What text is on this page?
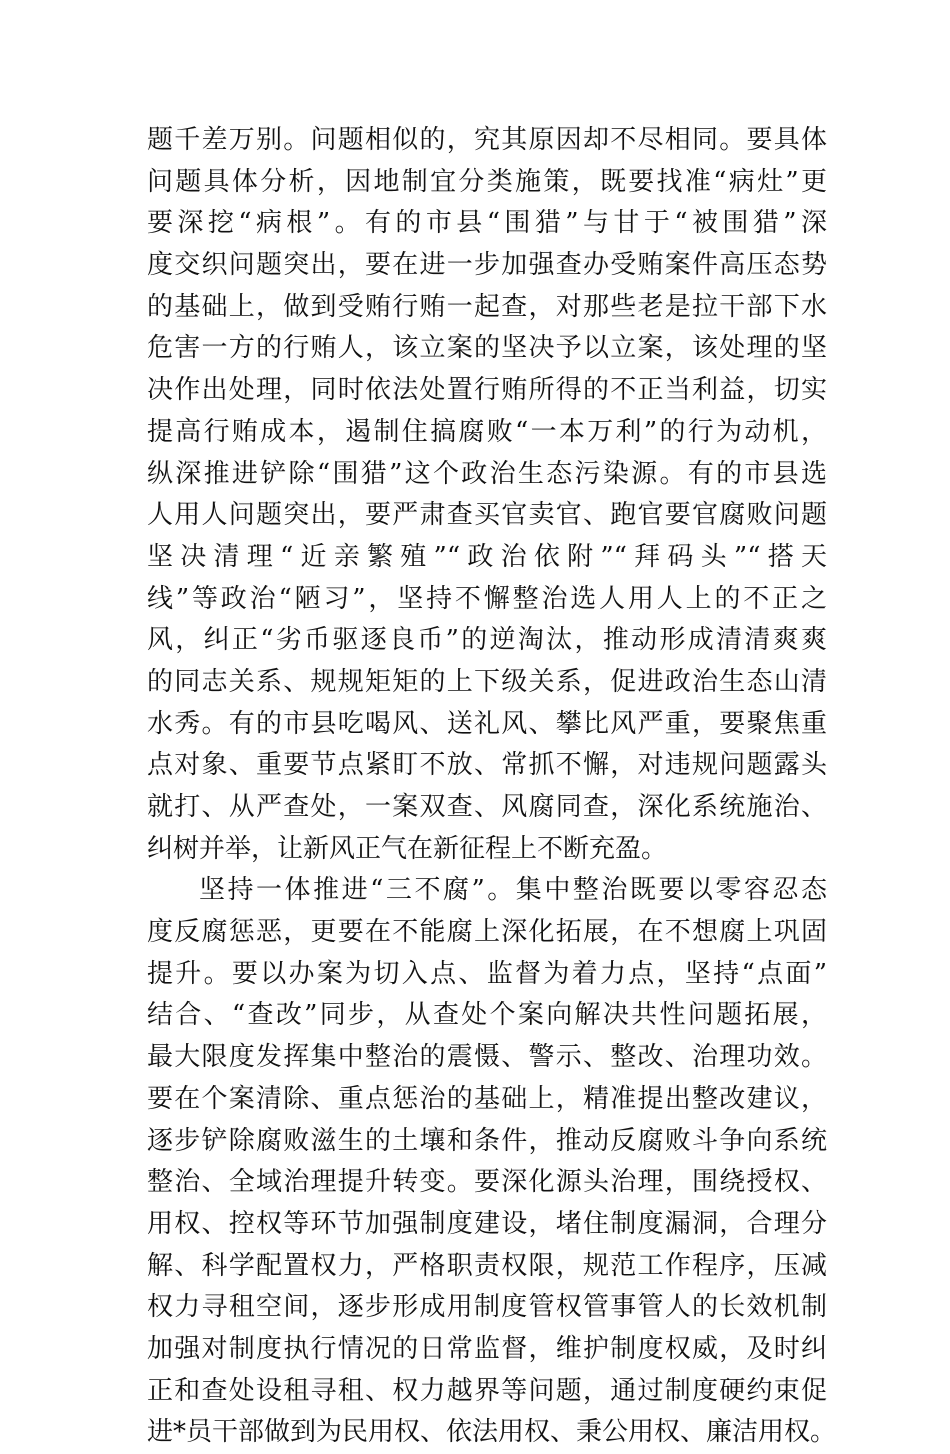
题千差万别。问题相似的，究其原因却不尽相同。要具体
问题具体分析，因地制宜分类施策，既要找准“病灶”更
要深挖“病根”。有的市县“围猎”与甘于“被围猎”深
度交织问题突出，要在进一步加强查办受贿案件高压态势
的基础上，做到受贿行贿一起查，对那些老是拉干部下水
危害一方的行贿人，该立案的坚决予以立案，该处理的坚
决作出处理，同时依法处置行贿所得的不正当利益，切实
提高行贿成本，遏制住搞腐败“一本万利”的行为动机，
纵深推进铲除“围猎”这个政治生态污染源。有的市县选
人用人问题突出，要严肃查买官卖官、跑官要官腐败问题
坚决清理“近亲繁殖”“政治依附”“拜码头”“搭天
线”等政治“陋习”，坚持不懈整治选人用人上的不正之
风，纠正“劣币驱逐良币”的逆淘汰，推动形成清清爽爽
的同志关系、规规矩矩的上下级关系，促进政治生态山清
水秀。有的市县吃喝风、送礼风、攀比风严重，要聚焦重
点对象、重要节点紧盯不放、常抓不懈，对违规问题露头
就打、从严查处，一案双查、风腐同查，深化系统施治、
纠树并举，让新风正气在新征程上不断充盈。
坚持一体推进“三不腐”。集中整治既要以零容忍态
度反腐惩恶，更要在不能腐上深化拓展，在不想腐上巩固
提升。要以办案为切入点、监督为着力点，坚持“点面”
结合、“查改”同步，从查处个案向解决共性问题拓展，
最大限度发挥集中整治的震慑、警示、整改、治理功效。
要在个案清除、重点惩治的基础上，精准提出整改建议，
逐步铲除腐败滋生的土壤和条件，推动反腐败斗争向系统
整治、全域治理提升转变。要深化源头治理，围绕授权、
用权、控权等环节加强制度建设，堵住制度漏洞，合理分
解、科学配置权力，严格职责权限，规范工作程序，压减
权力寻租空间，逐步形成用制度管权管事管人的长效机制
加强对制度执行情况的日常监督，维护制度权威，及时纠
正和查处设租寻租、权力越界等问题，通过制度硬约束促
进*员干部做到为民用权、依法用权、秉公用权、廉洁用权。
